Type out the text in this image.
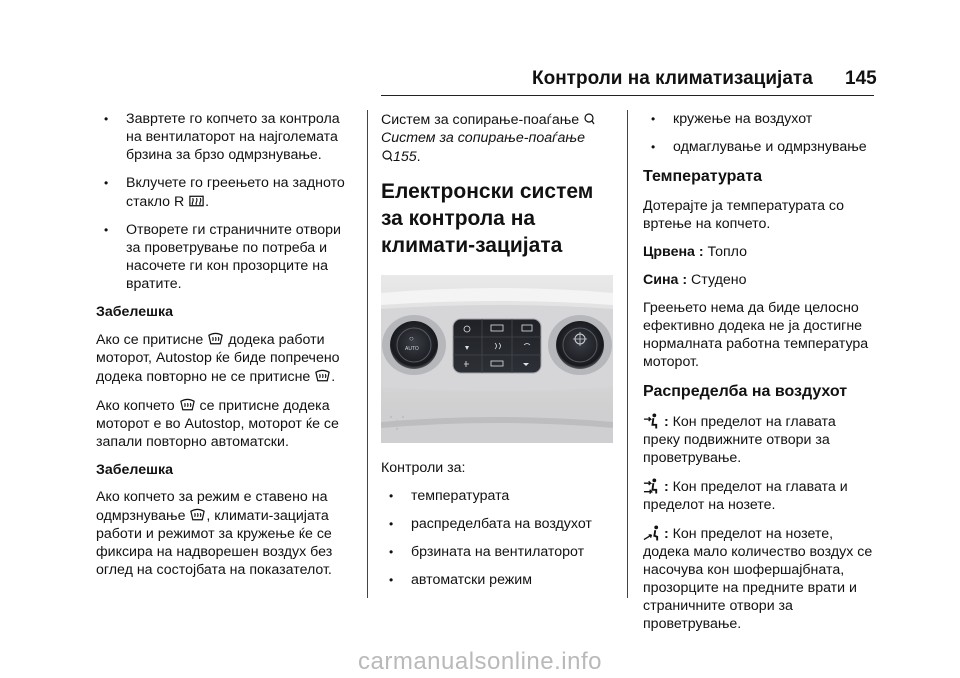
Контроли на климатизацијата 145
• Завртете го копчето за контрола на вентилаторот на најголемата брзина за брзо одмрзнување.
• Вклучете го греењето на задното стакло R .
• Отворете ги страничните отвори за проветрување по потреба и насочете ги кон прозорците на вратите.
Забелешка
Ако се притисне додека работи моторот, Autostop ќе биде попречено додека повторно не се притисне .
Ако копчето се притисне додека моторот е во Autostop, моторот ќе се запали повторно автоматски.
Забелешка
Ако копчето за режим е ставено на одмрзнување , климати-зацијата работи и режимот за кружење ќе се фиксира на надворешен воздух без оглед на состојбата на показателот.
Систем за сопирање-поаѓање
Систем за сопирање-поаѓање
155.
Електронски систем за контрола на климати-зацијата
AUTO
○
Контроли за:
• температурата
• распределбата на воздухот
• брзината на вентилаторот
• автоматски режим
• кружење на воздухот
• одмаглување и одмрзнување
Температурата
Дотерајте ја температурата со вртење на копчето.
Црвена : Топло
Сина : Студено
Греењето нема да биде целосно ефективно додека не ја достигне нормалната работна температура моторот.
Распределба на воздухот
: Кон пределот на главата преку подвижните отвори за проветрување.
: Кон пределот на главата и пределот на нозете.
: Кон пределот на нозете, додека мало количество воздух се насочува кон шофершајбната, прозорците на предните врати и страничните отвори за проветрување.
carmanualsonline.info
